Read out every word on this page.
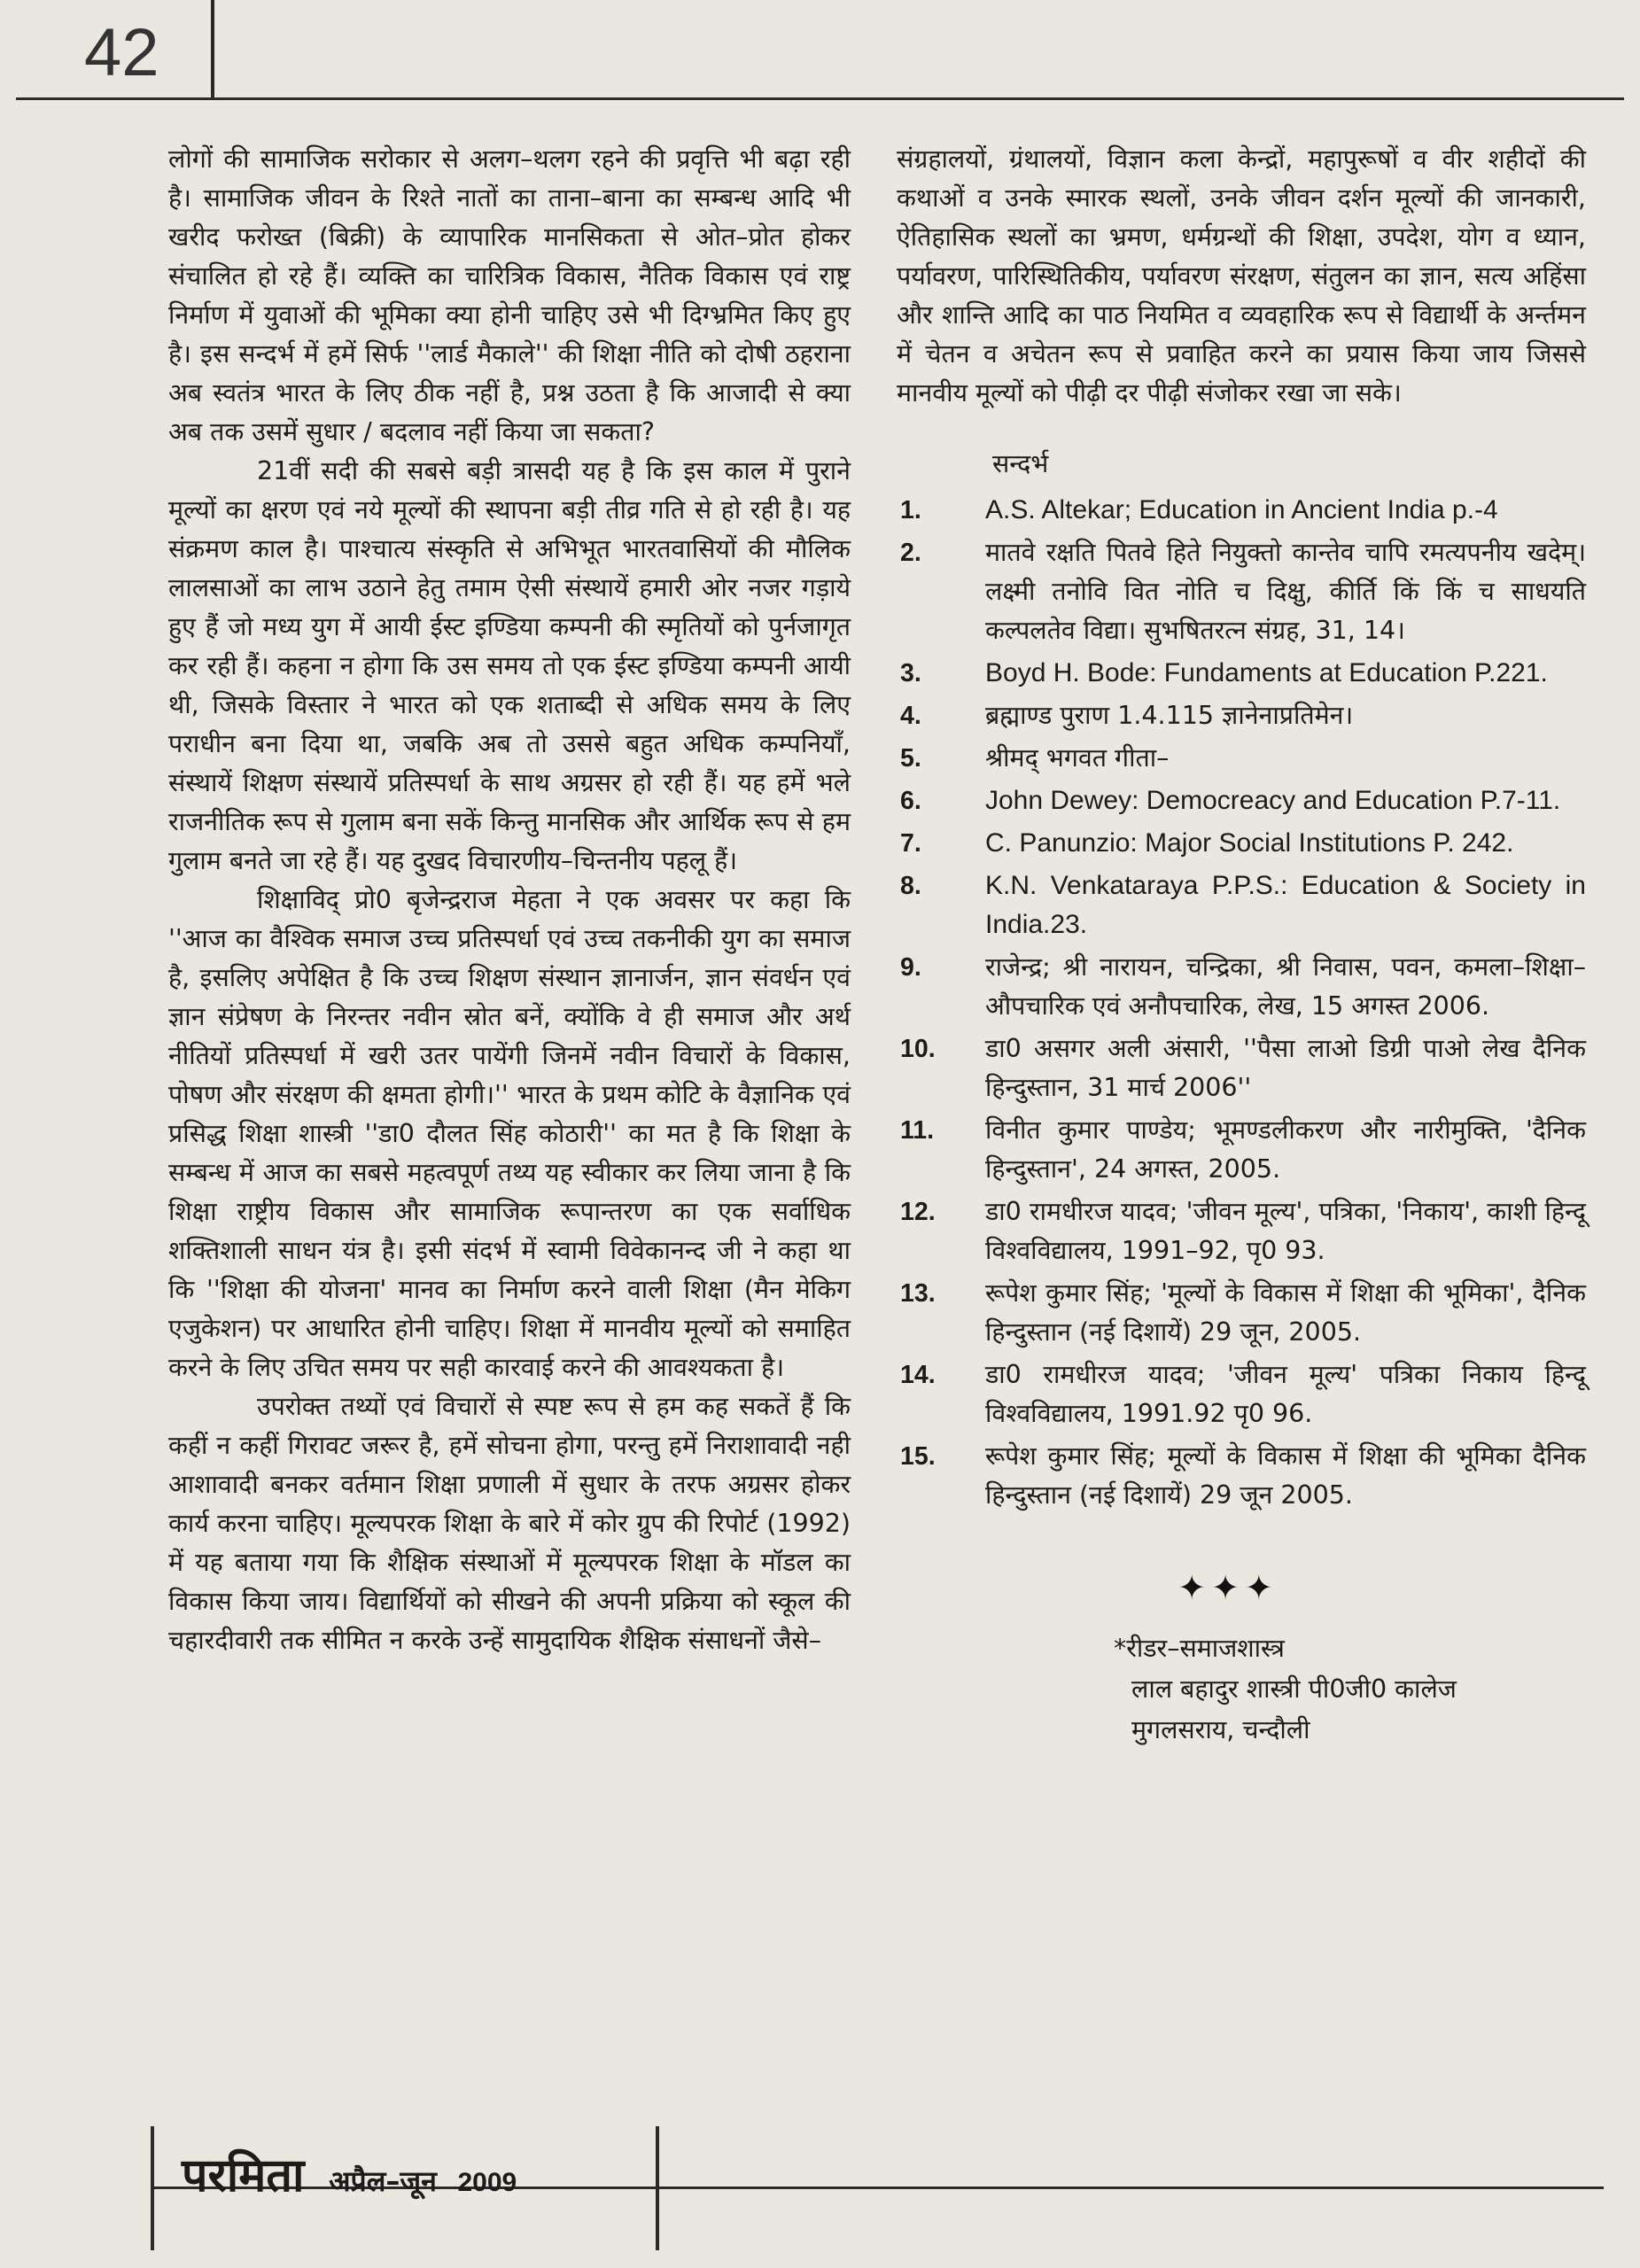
42

लोगों की सामाजिक सरोकार से अलग–थलग रहने की प्रवृत्ति भी बढ़ा रही है। सामाजिक जीवन के रिश्ते नातों का ताना–बाना का सम्बन्ध आदि भी खरीद फरोख्त (बिक्री) के व्यापारिक मानसिकता से ओत–प्रोत होकर संचालित हो रहे हैं। व्यक्ति का चारित्रिक विकास, नैतिक विकास एवं राष्ट्र निर्माण में युवाओं की भूमिका क्या होनी चाहिए उसे भी दिग्भ्रमित किए हुए है। इस सन्दर्भ में हमें सिर्फ ''लार्ड मैकाले'' की शिक्षा नीति को दोषी ठहराना अब स्वतंत्र भारत के लिए ठीक नहीं है, प्रश्न उठता है कि आजादी से क्या अब तक उसमें सुधार / बदलाव नहीं किया जा सकता?

21वीं सदी की सबसे बड़ी त्रासदी यह है कि इस काल में पुराने मूल्यों का क्षरण एवं नये मूल्यों की स्थापना बड़ी तीव्र गति से हो रही है। यह संक्रमण काल है। पाश्चात्य संस्कृति से अभिभूत भारतवासियों की मौलिक लालसाओं का लाभ उठाने हेतु तमाम ऐसी संस्थायें हमारी ओर नजर गड़ाये हुए हैं जो मध्य युग में आयी ईस्ट इण्डिया कम्पनी की स्मृतियों को पुर्नजागृत कर रही हैं। कहना न होगा कि उस समय तो एक ईस्ट इण्डिया कम्पनी आयी थी, जिसके विस्तार ने भारत को एक शताब्दी से अधिक समय के लिए पराधीन बना दिया था, जबकि अब तो उससे बहुत अधिक कम्पनियाँ, संस्थायें शिक्षण संस्थायें प्रतिस्पर्धा के साथ अग्रसर हो रही हैं। यह हमें भले राजनीतिक रूप से गुलाम बना सकें किन्तु मानसिक और आर्थिक रूप से हम गुलाम बनते जा रहे हैं। यह दुखद विचारणीय–चिन्तनीय पहलू हैं।

शिक्षाविद् प्रो0 बृजेन्द्रराज मेहता ने एक अवसर पर कहा कि ''आज का वैश्विक समाज उच्च प्रतिस्पर्धा एवं उच्च तकनीकी युग का समाज है, इसलिए अपेक्षित है कि उच्च शिक्षण संस्थान ज्ञानार्जन, ज्ञान संवर्धन एवं ज्ञान संप्रेषण के निरन्तर नवीन स्रोत बनें, क्योंकि वे ही समाज और अर्थ नीतियों प्रतिस्पर्धा में खरी उतर पायेंगी जिनमें नवीन विचारों के विकास, पोषण और संरक्षण की क्षमता होगी।'' भारत के प्रथम कोटि के वैज्ञानिक एवं प्रसिद्ध शिक्षा शास्त्री ''डा0 दौलत सिंह कोठारी'' का मत है कि शिक्षा के सम्बन्ध में आज का सबसे महत्वपूर्ण तथ्य यह स्वीकार कर लिया जाना है कि शिक्षा राष्ट्रीय विकास और सामाजिक रूपान्तरण का एक सर्वाधिक शक्तिशाली साधन यंत्र है। इसी संदर्भ में स्वामी विवेकानन्द जी ने कहा था कि ''शिक्षा की योजना' मानव का निर्माण करने वाली शिक्षा (मैन मेकिग एजुकेशन) पर आधारित होनी चाहिए। शिक्षा में मानवीय मूल्यों को समाहित करने के लिए उचित समय पर सही कारवाई करने की आवश्यकता है।

उपरोक्त तथ्यों एवं विचारों से स्पष्ट रूप से हम कह सकतें हैं कि कहीं न कहीं गिरावट जरूर है, हमें सोचना होगा, परन्तु हमें निराशावादी नही आशावादी बनकर वर्तमान शिक्षा प्रणाली में सुधार के तरफ अग्रसर होकर कार्य करना चाहिए। मूल्यपरक शिक्षा के बारे में कोर ग्रुप की रिपोर्ट (1992) में यह बताया गया कि शैक्षिक संस्थाओं में मूल्यपरक शिक्षा के मॉडल का विकास किया जाय। विद्यार्थियों को सीखने की अपनी प्रक्रिया को स्कूल की चहारदीवारी तक सीमित न करके उन्हें सामुदायिक शैक्षिक संसाधनों जैसे–

संग्रहालयों, ग्रंथालयों, विज्ञान कला केन्द्रों, महापुरूषों व वीर शहीदों की कथाओं व उनके स्मारक स्थलों, उनके जीवन दर्शन मूल्यों की जानकारी, ऐतिहासिक स्थलों का भ्रमण, धर्मग्रन्थों की शिक्षा, उपदेश, योग व ध्यान, पर्यावरण, पारिस्थितिकीय, पर्यावरण संरक्षण, संतुलन का ज्ञान, सत्य अहिंसा और शान्ति आदि का पाठ नियमित व व्यवहारिक रूप से विद्यार्थी के अर्न्तमन में चेतन व अचेतन रूप से प्रवाहित करने का प्रयास किया जाय जिससे मानवीय मूल्यों को पीढ़ी दर पीढ़ी संजोकर रखा जा सके।

सन्दर्भ
1.	A.S. Altekar; Education in Ancient India p.-4
2.	मातवे रक्षति पितवे हिते नियुक्तो कान्तेव चापि रमत्यपनीय खदेम्। लक्ष्मी तनोवि वित नोति च दिक्षु, कीर्ति किं किं च साधयति कल्पलतेव विद्या। सुभषितरत्न संग्रह, 31, 14।
3.	Boyd H. Bode: Fundaments at Education P.221.
4.	ब्रह्माण्ड पुराण 1.4.115 ज्ञानेनाप्रतिमेन।
5.	श्रीमद् भगवत गीता–
6.	John Dewey: Democreacy and Education P.7-11.
7.	C. Panunzio: Major Social Institutions P. 242.
8.	K.N. Venkataraya P.P.S.: Education & Society in India.23.
9.	राजेन्द्र; श्री नारायन, चन्द्रिका, श्री निवास, पवन, कमला–शिक्षा–औपचारिक एवं अनौपचारिक, लेख, 15 अगस्त 2006.
10.	डा0 असगर अली अंसारी, ''पैसा लाओ डिग्री पाओ लेख दैनिक हिन्दुस्तान, 31 मार्च 2006''
11.	विनीत कुमार पाण्डेय; भूमण्डलीकरण और नारीमुक्ति, 'दैनिक हिन्दुस्तान', 24 अगस्त, 2005.
12.	डा0 रामधीरज यादव; 'जीवन मूल्य', पत्रिका, 'निकाय', काशी हिन्दू विश्वविद्यालय, 1991–92, पृ0 93.
13.	रूपेश कुमार सिंह; 'मूल्यों के विकास में शिक्षा की भूमिका', दैनिक हिन्दुस्तान (नई दिशायें) 29 जून, 2005.
14.	डा0 रामधीरज यादव; 'जीवन मूल्य' पत्रिका निकाय हिन्दू विश्वविद्यालय, 1991.92 पृ0 96.
15.	रूपेश कुमार सिंह; मूल्यों के विकास में शिक्षा की भूमिका दैनिक हिन्दुस्तान (नई दिशायें) 29 जून 2005.
✦✦✦
*रीडर–समाजशास्त्र
लाल बहादुर शास्त्री पी0जी0 कालेज
मुगलसराय, चन्दौली
परमिता अप्रैल–जून 2009
